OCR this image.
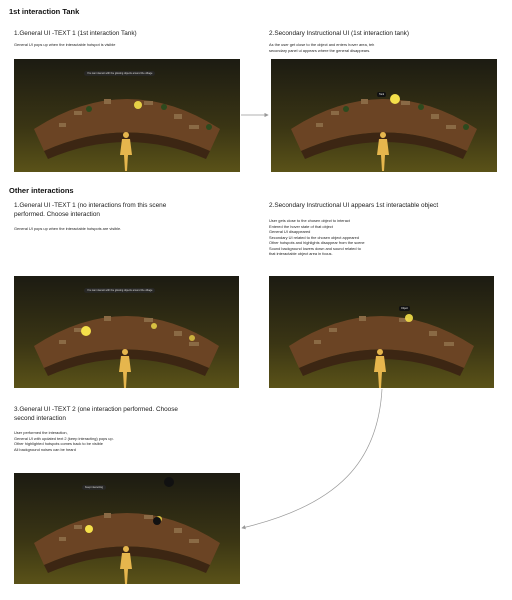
1st interaction Tank
1.General UI -TEXT 1 (1st interaction Tank)
General UI pops up when the interactable hotspot is visible
2.Secondary Instructional UI (1st interaction tank)
As the user get close to the object and enters hover area, teh
secondary panel ui appears where the general disappears.
You can interact with the glowing objects around the village
Tank
Other interactions
1.General UI -TEXT 1 (no interactions from this scene
performed. Choose interaction
General UI pops up when the interactable hotspots are visible.
2.Secondary Instructional UI appears 1st interactable object
User gets close to the chosen object to interact
Entered the hover state of that object
General UI disappeared
Secondary UI related to the chosen object appeared
Other hotspots and highlights disappear from the scene
Sound background lowers down and sound related to
that interactable object area in focus.
You can interact with the glowing objects around the village
Object
3.General UI -TEXT 2 (one interaction performed. Choose
second interaction
User performed the interaction,
General UI with updated text 2 (keep interacting) pops up.
Other highlighted hotspots comes back to be visible
All background noises can be heard
Keep interacting
